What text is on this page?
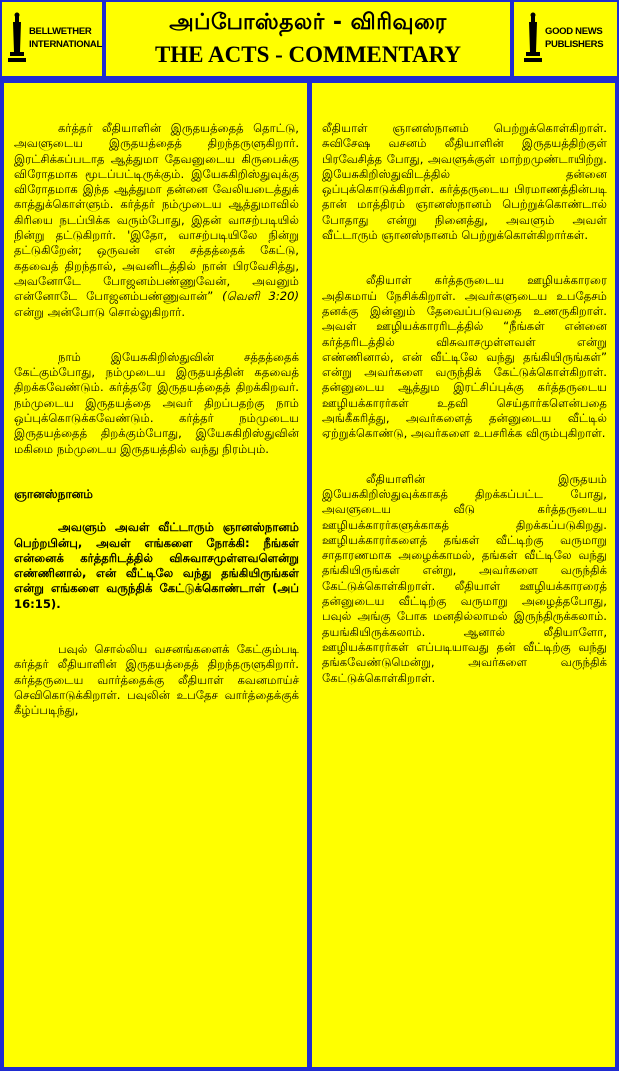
BELLWETHER
INTERNATIONAL
அப்போஸ்தலர் - விரிவுரை
THE ACTS - COMMENTARY
GOOD NEWS
PUBLISHERS

கர்த்தர் லீதியாளின் இருதயத்தைத் தொட்டு, அவளுடைய இருதயத்தைத் திறந்தருளுகிறார். இரட்சிக்கப்படாத ஆத்துமா தேவனுடைய கிருபைக்கு விரோதமாக மூடப்பட்டிருக்கும். இயேசுகிறிஸ்துவுக்கு விரோதமாக இந்த ஆத்துமா தன்னை வேலியடைத்துக் காத்துக்கொள்ளும். கர்த்தர் நம்முடைய ஆத்துமாவில் கிரியை நடப்பிக்க வரும்போது, இதன் வாசற்படியில் நின்று தட்டுகிறார். 'இதோ, வாசற்படியிலே நின்று தட்டுகிறேன்; ஒருவன் என் சத்தத்தைக் கேட்டு, கதவைத் திறந்தால், அவனிடத்தில் நான் பிரவேசித்து, அவனோடே போஜனம்பண்ணுவேன், அவனும் என்னோடே போஜனம்பண்ணுவான்” (வெளி 3:20) என்று அன்போடு சொல்லுகிறார்.

நாம் இயேசுகிறிஸ்துவின் சத்தத்தைக் கேட்கும்போது, நம்முடைய இருதயத்தின் கதவைத் திறக்கவேண்டும். கர்த்தரே இருதயத்தைத் திறக்கிறவர். நம்முடைய இருதயத்தை அவர் திறப்பதற்கு நாம் ஒப்புக்கொடுக்கவேண்டும். கர்த்தர் நம்முடைய இருதயத்தைத் திறக்கும்போது, இயேசுகிறிஸ்துவின் மகிமை நம்முடைய இருதயத்தில் வந்து நிரம்பும்.

ஞானஸ்நானம்

அவளும் அவள் வீட்டாரும் ஞானஸ்நானம் பெற்றபின்பு, அவள் எங்களை நோக்கி: நீங்கள் என்னைக் கர்த்தரிடத்தில் விசுவாசமுள்ளவளென்று எண்ணினால், என் வீட்டிலே வந்து தங்கியிருங்கள் என்று எங்களை வருந்திக் கேட்டுக்கொண்டாள் (அப் 16:15).

பவுல் சொல்லிய வசனங்களைக் கேட்கும்படி கர்த்தர் லீதியாளின் இருதயத்தைத் திறந்தருளுகிறார். கர்த்தருடைய வார்த்தைக்கு லீதியாள் கவனமாய்ச் செவிகொடுக்கிறாள். பவுலின் உபதேச வார்த்தைக்குக் கீழ்ப்படிந்து,

லீதியாள் ஞானஸ்நானம் பெற்றுக்கொள்கிறாள். சுவிசேஷ வசனம் லீதியாளின் இருதயத்திற்குள் பிரவேசித்த போது, அவளுக்குள் மாற்றமுண்டாயிற்று. இயேசுகிறிஸ்துவிடத்தில் தன்னை ஒப்புக்கொடுக்கிறாள். கர்த்தருடைய பிரமாணத்தின்படி தான் மாத்திரம் ஞானஸ்நானம் பெற்றுக்கொண்டால் போதாது என்று நினைத்து, அவளும் அவள் வீட்டாரும் ஞானஸ்நானம் பெற்றுக்கொள்கிறார்கள்.

லீதியாள் கர்த்தருடைய ஊழியக்காரரை அதிகமாய் நேசிக்கிறாள். அவர்களுடைய உபதேசம் தனக்கு இன்னும் தேவைப்படுவதை உணருகிறாள். அவள் ஊழியக்காரரிடத்தில் “நீங்கள் என்னை கர்த்தரிடத்தில் விசுவாசமுள்ளவள் என்று எண்ணினால், என் வீட்டிலே வந்து தங்கியிருங்கள்” என்று அவர்களை வருந்திக் கேட்டுக்கொள்கிறாள். தன்னுடைய ஆத்தும இரட்சிப்புக்கு கர்த்தருடைய ஊழியக்காரர்கள் உதவி செய்தார்களென்பதை அங்கீகரித்து, அவர்களைத் தன்னுடைய வீட்டில் ஏற்றுக்கொண்டு, அவர்களை உபசரிக்க விரும்புகிறாள்.

லீதியாளின் இருதயம் இயேசுகிறிஸ்துவுக்காகத் திறக்கப்பட்ட போது, அவளுடைய வீடு கர்த்தருடைய ஊழியக்காரர்களுக்காகத் திறக்கப்படுகிறது. ஊழியக்காரர்களைத் தங்கள் வீட்டிற்கு வருமாறு சாதாரணமாக அழைக்காமல், தங்கள் வீட்டிலே வந்து தங்கியிருங்கள் என்று, அவர்களை வருந்திக் கேட்டுக்கொள்கிறாள். லீதியாள் ஊழியக்காரரைத் தன்னுடைய வீட்டிற்கு வருமாறு அழைத்தபோது, பவுல் அங்கு போக மனதில்லாமல் இருந்திருக்கலாம். தயங்கியிருக்கலாம். ஆனால் லீதியாளோ, ஊழியக்காரர்கள் எப்படியாவது தன் வீட்டிற்கு வந்து தங்கவேண்டுமென்று, அவர்களை வருந்திக் கேட்டுக்கொள்கிறாள்.
